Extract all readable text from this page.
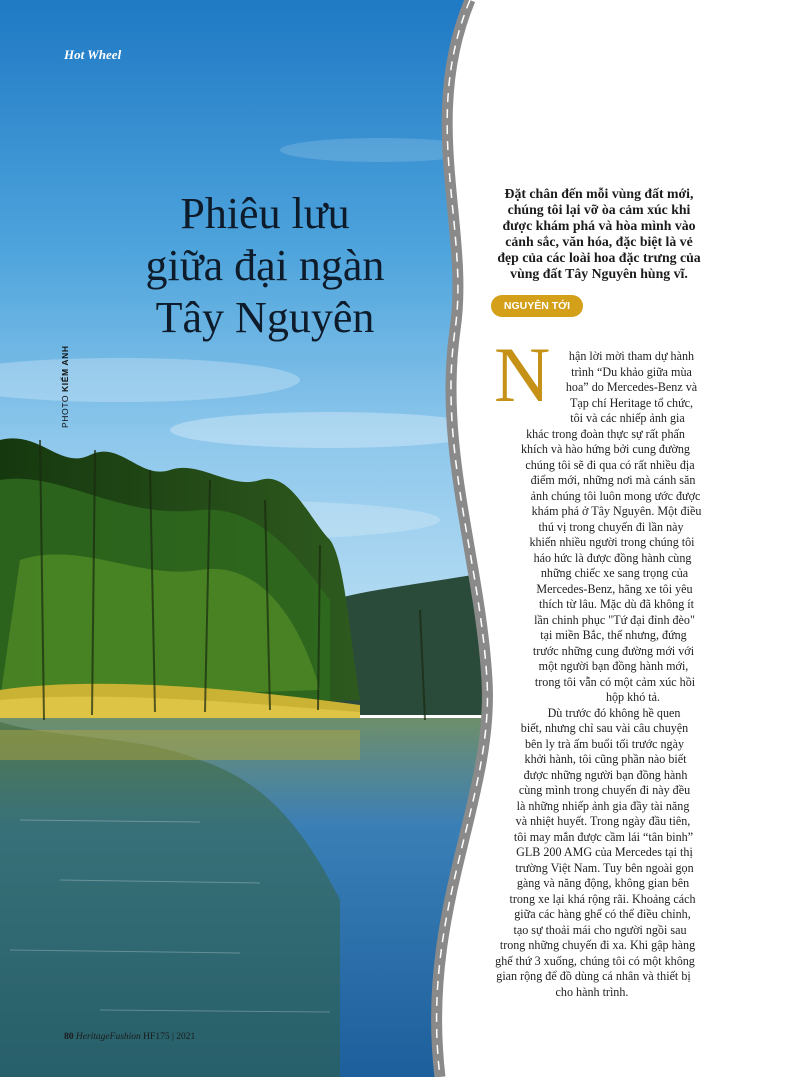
Hot Wheel
Phiêu lưu
giữa đại ngàn
Tây Nguyên
PHOTO KIẾM ANH
Đặt chân đến mỗi vùng đất mới,
chúng tôi lại vỡ òa cảm xúc khi
được khám phá và hòa mình vào
cảnh sắc, văn hóa, đặc biệt là vẻ
đẹp của các loài hoa đặc trưng của
vùng đất Tây Nguyên hùng vĩ.
NGUYÊN TỚI
N	hận lời mời tham dự hành
trình “Du khảo giữa mùa
hoa” do Mercedes-Benz và
Tạp chí Heritage tổ chức,
tôi và các nhiếp ảnh gia
khác trong đoàn thực sự rất phấn
khích và hào hứng bởi cung đường
chúng tôi sẽ đi qua có rất nhiều địa
điểm mới, những nơi mà cánh săn
ảnh chúng tôi luôn mong ước được
khám phá ở Tây Nguyên. Một điều
thú vị trong chuyến đi lần này
khiến nhiều người trong chúng tôi
háo hức là được đồng hành cùng
những chiếc xe sang trọng của
Mercedes-Benz, hãng xe tôi yêu
thích từ lâu. Mặc dù đã không ít
lần chinh phục "Tứ đại đỉnh đèo"
tại miền Bắc, thế nhưng, đứng
trước những cung đường mới với
một người bạn đồng hành mới,
trong tôi vẫn có một cảm xúc hồi
hộp khó tả.
Dù trước đó không hề quen
biết, nhưng chỉ sau vài câu chuyện
bên ly trà ấm buổi tối trước ngày
khởi hành, tôi cũng phần nào biết
được những người bạn đồng hành
cùng mình trong chuyến đi này đều
là những nhiếp ảnh gia đầy tài năng
và nhiệt huyết. Trong ngày đầu tiên,
tôi may mắn được cầm lái “tân binh”
GLB 200 AMG của Mercedes tại thị
trường Việt Nam. Tuy bên ngoài gọn
gàng và năng động, không gian bên
trong xe lại khá rộng rãi. Khoảng cách
giữa các hàng ghế có thể điều chỉnh,
tạo sự thoải mái cho người ngồi sau
trong những chuyến đi xa. Khi gập hàng
ghế thứ 3 xuống, chúng tôi có một không
gian rộng để đồ dùng cá nhân và thiết bị
cho hành trình.
80 HeritageFashion HF175 | 2021
